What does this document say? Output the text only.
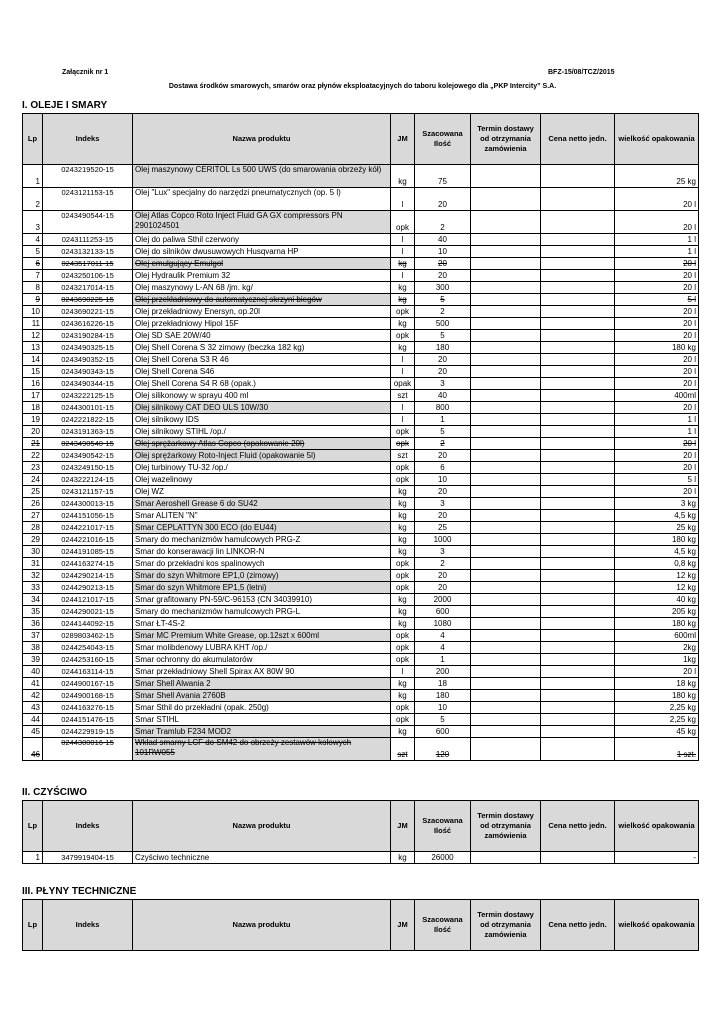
Załącznik nr 1	BFZ-15/08/TCZ/2015
Dostawa środków smarowych, smarów oraz płynów eksploatacyjnych do taboru kolejowego dla „PKP Intercity” S.A.
I. OLEJE I SMARY
Lp	Indeks	Nazwa produktu	JM	Szacowana Ilość	Termin dostawy od otrzymania zamówienia	Cena netto jedn.	wielkość opakowania
1	0243219520-15	Olej maszynowy CERITOL Ls 500 UWS (do smarowania obrzeży kół)	kg	75			25 kg
2	0243121153-15	Olej "Lux" specjalny do narzędzi pneumatycznych (op. 5 l)	l	20			20 l
3	0243490544-15	Olej Atlas Copco Roto Inject Fluid GA GX compressors PN 2901024501	opk	2			20 l
4	0243111253-15	Olej do paliwa Sthil czerwony	l	40			1 l
5	0243132133-15	Olej do silników dwusuwowych Husqvarna HP	l	10			1 l
6	0243517011-15	Olej emulgujący Emulgol	kg	20			20 l
7	0243250106-15	Olej Hydraulik Premium 32	l	20			20 l
8	0243217014-15	Olej maszynowy L-AN 68 /jm. kg/	kg	300			20 l
9	0243690225-15	Olej przekładniowy do automatycznej skrzyni biegów	kg	5			5 l
10	0243690221-15	Olej przekładniowy Enersyn, op.20l	opk	2			20 l
11	0243616226-15	Olej przekładniowy Hipol 15F	kg	500			20 l
12	0243190284-15	Olej SD SAE 20W/40	opk	5			20 l
13	0243490325-15	Olej Shell Corena S 32 zimowy (beczka 182 kg)	kg	180			180 kg
14	0243490352-15	Olej Shell Corena S3 R 46	l	20			20 l
15	0243490343-15	Olej Shell Corena S46	l	20			20 l
16	0243490344-15	Olej Shell Corena S4 R 68 (opak.)	opak	3			20 l
17	0243222125-15	Olej silikonowy w sprayu 400 ml	szt	40			400ml
18	0244300101-15	Olej silnikowy CAT DEO ULS 10W/30	l	800			20 l
19	0242221822-15	Olej silnikowy IDS	l	1			1 l
20	0243191363-15	Olej silnikowy STIHL /op./	opk	5			1 l
21	0243490540-15	Olej sprężarkowy Atlas Copco (opakowanie 20l)	opk	2			20 l
22	0243490542-15	Olej sprężarkowy Roto-Inject Fluid (opakowanie 5l)	szt	20			20 l
23	0243249150-15	Olej turbinowy TU-32 /op./	opk	6			20 l
24	0243222124-15	Olej wazelinowy	opk	10			5 l
25	0243121157-15	Olej WZ	kg	20			20 l
26	0244300013-15	Smar Aeroshell Grease 6 do SU42	kg	3			3 kg
27	0244151056-15	Smar ALITEN "N"	kg	20			4,5 kg
28	0244221017-15	Smar CEPLATTYN 300 ECO (do EU44)	kg	25			25 kg
29	0244221016-15	Smary do mechanizmów hamulcowych PRG-Z	kg	1000			180 kg
30	0244191085-15	Smar do konserawacji lin LINKOR-N	kg	3			4,5 kg
31	0244163274-15	Smar do przekładni kos spalinowych	opk	2			0,8 kg
32	0244290214-15	Smar do szyn Whitmore EP1,0 (zimowy)	opk	20			12 kg
33	0244290213-15	Smar do szyn Whitmore EP1,5 (letni)	opk	20			12 kg
34	0244121017-15	Smar grafitowany PN-59/C-96153 (CN 34039910)	kg	2000			40 kg
35	0244290021-15	Smary do mechanizmów hamulcowych PRG-L	kg	600			205 kg
36	0244144092-15	Smar ŁT-4S-2	kg	1080			180 kg
37	0289803462-15	Smar MC Premium White Grease, op.12szt x 600ml	opk	4			600ml
38	0244254043-15	Smar molibdenowy LUBRA KHT /op./	opk	4			2kg
39	0244253160-15	Smar ochronny do akumulatorów	opk	1			1kg
40	0244163114-15	Smar przekładniowy Shell Spirax AX 80W 90	l	200			20 l
41	0244900167-15	Smar Shell Alwania 2	kg	18			18 kg
42	0244900168-15	Smar Shell Avania 2760B	kg	180			180 kg
43	0244163276-15	Smar Sthil do przekładni (opak. 250g)	opk	10			2,25 kg
44	0244151476-15	Smar STIHL	opk	5			2,25 kg
45	0244229919-15	Smar Tramlub F234 MOD2	kg	600			45 kg
46	0244300016-15	Wkład smarny LCF do SM42 do obrzeży zestawów kołowych 101RW055	szt	120			1 szt.
II. CZYŚCIWO
Lp	Indeks	Nazwa produktu	JM	Szacowana Ilość	Termin dostawy od otrzymania zamówienia	Cena netto jedn.	wielkość opakowania
1	3479919404-15	Czyściwo techniczne	kg	26000			-
III. PŁYNY TECHNICZNE
Lp	Indeks	Nazwa produktu	JM	Szacowana Ilość	Termin dostawy od otrzymania zamówienia	Cena netto jedn.	wielkość opakowania
